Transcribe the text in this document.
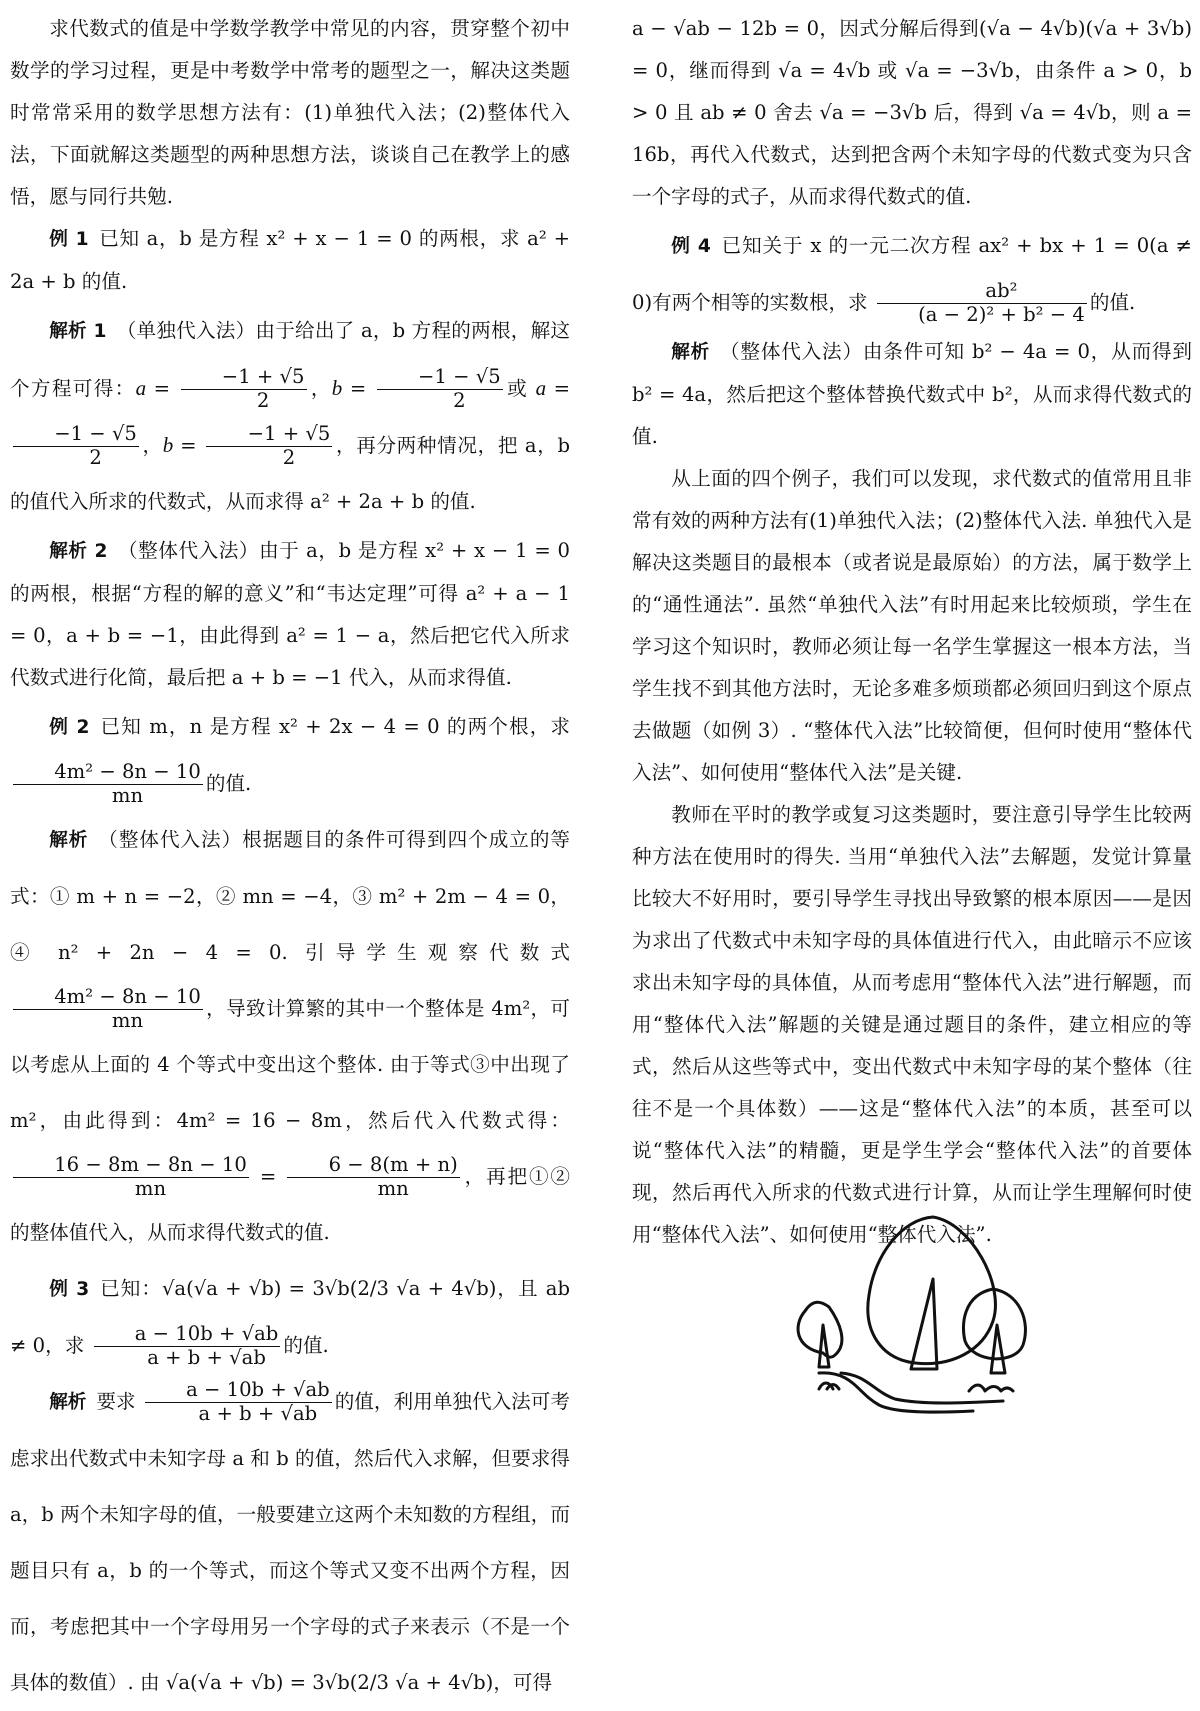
求代数式的值是中学数学教学中常见的内容，贯穿整个初中数学的学习过程，更是中考数学中常考的题型之一，解决这类题时常常采用的数学思想方法有：(1)单独代入法；(2)整体代入法，下面就解这类题型的两种思想方法，谈谈自己在教学上的感悟，愿与同行共勉.

例 1 已知 a，b 是方程 x² + x − 1 = 0 的两根，求 a² + 2a + b 的值.

解析 1 （单独代入法）由于给出了 a，b 方程的两根，解这个方程可得：$a = \frac{-1 + √5}{2}$ ，$b = \frac{-1 - √5}{2}$ 或 a =
$\frac{-1 - √5}{2}$ ，$b = \frac{-1 + √5}{2}$ ，再分两种情况，把 a，b 的值代入所求的代数式，从而求得 a² + 2a + b 的值.

解析 2 （整体代入法）由于 a，b 是方程 x² + x − 1 = 0 的两根，根据“方程的解的意义”和“韦达定理”可得 a² + a − 1 = 0，a + b = −1，由此得到 a² = 1 − a，然后把它代入所求代数式进行化简，最后把 a + b = −1 代入，从而求得值.

例 2 已知 m，n 是方程 x² + 2x − 4 = 0 的两个根，求
$\frac{\text{4m² − 8n − 10}}{mn}$ 的值.

解析 （整体代入法）根据题目的条件可得到四个成立的等式：① m + n = −2，② mn = −4，③ m² + 2m − 4 = 0，④ n² + 2n − 4 = 0. 引导学生观察代数式
$\frac{\text{4m² − 8n − 10}}{mn}$ ，导致计算繁的其中一个整体是 4m²，可以考虑从上面的 4 个等式中变出这个整体. 由于等式③中出现了 m²，由此得到：4m² = 16 − 8m，然后代入代数式得：
$\frac{16 - 8m - 8n - 10}{mn} = \frac{6 - 8(m + n)}{mn}$ ，再把①②的整体值代入，从而求得代数式的值.

例 3 已知：√a(√a + √b) = 3√b(2/3 √a + 4√b)，且 ab ≠ 0，求 $\frac{a - 10b + √ab}{a + b + √ab}$ 的值.

解析 要求 $\frac{a - 10b + √ab}{a + b + √ab}$ 的值，利用单独代入法可考虑求出代数式中未知字母 a 和 b 的值，然后代入求解，但要求得 a，b 两个未知字母的值，一般要建立这两个未知数的方程组，而题目只有 a，b 的一个等式，而这个等式又变不出两个方程，因而，考虑把其中一个字母用另一个字母的式子来表示（不是一个具体的数值）. 由 √a(√a + √b) = 3√b(2/3 √a + 4√b)，可得

a − √ab − 12b = 0，因式分解后得到(√a − 4√b)(√a + 3√b) = 0，继而得到 √a = 4√b 或 √a = −3√b，由条件 a > 0，b > 0 且 ab ≠ 0 舍去 √a = −3√b 后，得到 √a = 4√b，则 a = 16b，再代入代数式，达到把含两个未知字母的代数式变为只含一个字母的式子，从而求得代数式的值.

例 4 已知关于 x 的一元二次方程 ax² + bx + 1 = 0(a ≠ 0)有两个相等的实数根，求 $\frac{\text{ab²}}{\text{(a − 2)² + b² − 4}}$ 的值.

解析 （整体代入法）由条件可知 b² − 4a = 0，从而得到 b² = 4a，然后把这个整体替换代数式中 b²，从而求得代数式的值.

从上面的四个例子，我们可以发现，求代数式的值常用且非常有效的两种方法有(1)单独代入法；(2)整体代入法. 单独代入是解决这类题目的最根本（或者说是最原始）的方法，属于数学上的“通性通法”. 虽然“单独代入法”有时用起来比较烦琐，学生在学习这个知识时，教师必须让每一名学生掌握这一根本方法，当学生找不到其他方法时，无论多难多烦琐都必须回归到这个原点去做题（如例 3）. “整体代入法”比较简便，但何时使用“整体代入法”、如何使用“整体代入法”是关键.

教师在平时的教学或复习这类题时，要注意引导学生比较两种方法在使用时的得失. 当用“单独代入法”去解题，发觉计算量比较大不好用时，要引导学生寻找出导致繁的根本原因——是因为求出了代数式中未知字母的具体值进行代入，由此暗示不应该求出未知字母的具体值，从而考虑用“整体代入法”进行解题，而用“整体代入法”解题的关键是通过题目的条件，建立相应的等式，然后从这些等式中，变出代数式中未知字母的某个整体（往往不是一个具体数）——这是“整体代入法”的本质，甚至可以说“整体代入法”的精髓，更是学生学会“整体代入法”的首要体现，然后再代入所求的代数式进行计算，从而让学生理解何时使用“整体代入法”、如何使用“整体代入法”.
